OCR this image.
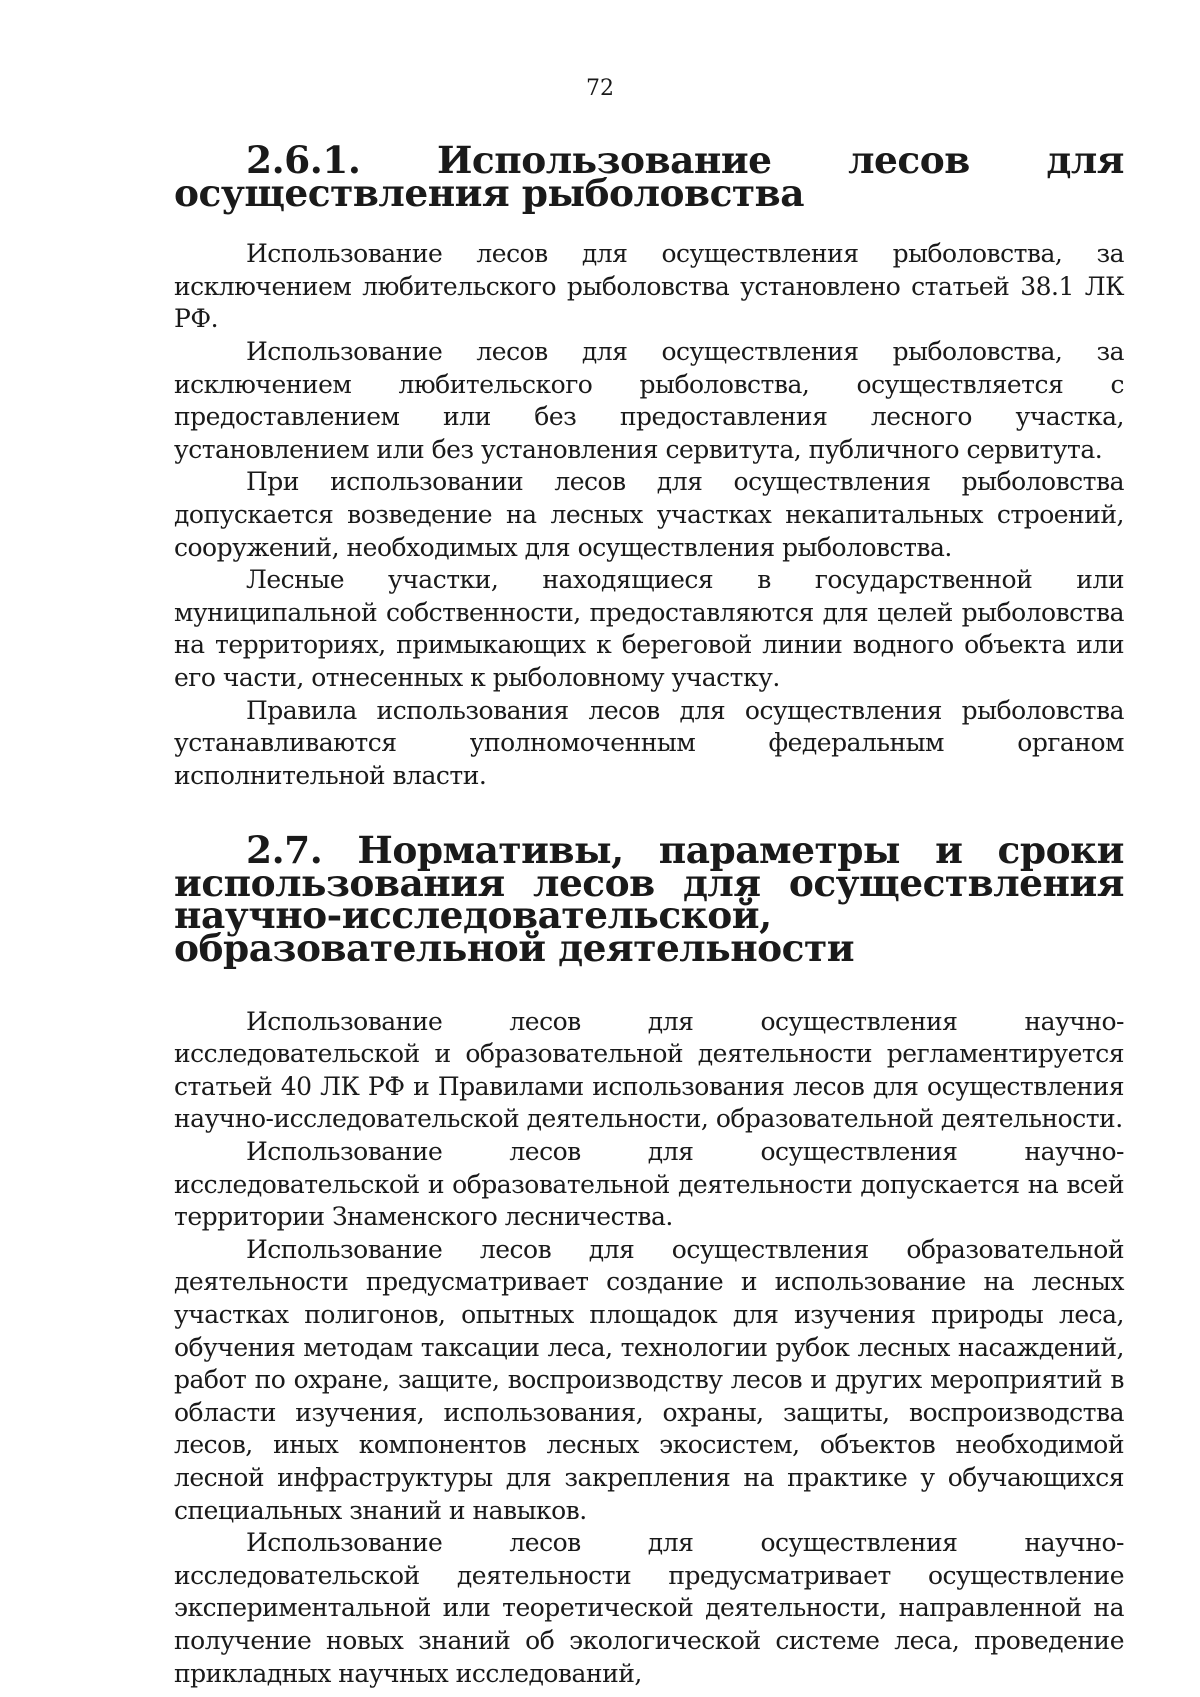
72
2.6.1. Использование лесов для осуществления рыболовства

Использование лесов для осуществления рыболовства, за исключением любительского рыболовства установлено статьей 38.1 ЛК РФ.

Использование лесов для осуществления рыболовства, за исключением любительского рыболовства, осуществляется с предоставлением или без предоставления лесного участка, установлением или без установления сервитута, публичного сервитута.

При использовании лесов для осуществления рыболовства допускается возведение на лесных участках некапитальных строений, сооружений, необходимых для осуществления рыболовства.

Лесные участки, находящиеся в государственной или муниципальной собственности, предоставляются для целей рыболовства на территориях, примыкающих к береговой линии водного объекта или его части, отнесенных к рыболовному участку.

Правила использования лесов для осуществления рыболовства устанавливаются уполномоченным федеральным органом исполнительной власти.

2.7. Нормативы, параметры и сроки использования лесов для осуществления научно-исследовательской, образовательной деятельности

Использование лесов для осуществления научно-исследовательской и образовательной деятельности регламентируется статьей 40 ЛК РФ и Правилами использования лесов для осуществления научно-исследовательской деятельности, образовательной деятельности.

Использование лесов для осуществления научно-исследовательской и образовательной деятельности допускается на всей территории Знаменского лесничества.

Использование лесов для осуществления образовательной деятельности предусматривает создание и использование на лесных участках полигонов, опытных площадок для изучения природы леса, обучения методам таксации леса, технологии рубок лесных насаждений, работ по охране, защите, воспроизводству лесов и других мероприятий в области изучения, использования, охраны, защиты, воспроизводства лесов, иных компонентов лесных экосистем, объектов необходимой лесной инфраструктуры для закрепления на практике у обучающихся специальных знаний и навыков.

Использование лесов для осуществления научно-исследовательской деятельности предусматривает осуществление экспериментальной или теоретической деятельности, направленной на получение новых знаний об экологической системе леса, проведение прикладных научных исследований,
